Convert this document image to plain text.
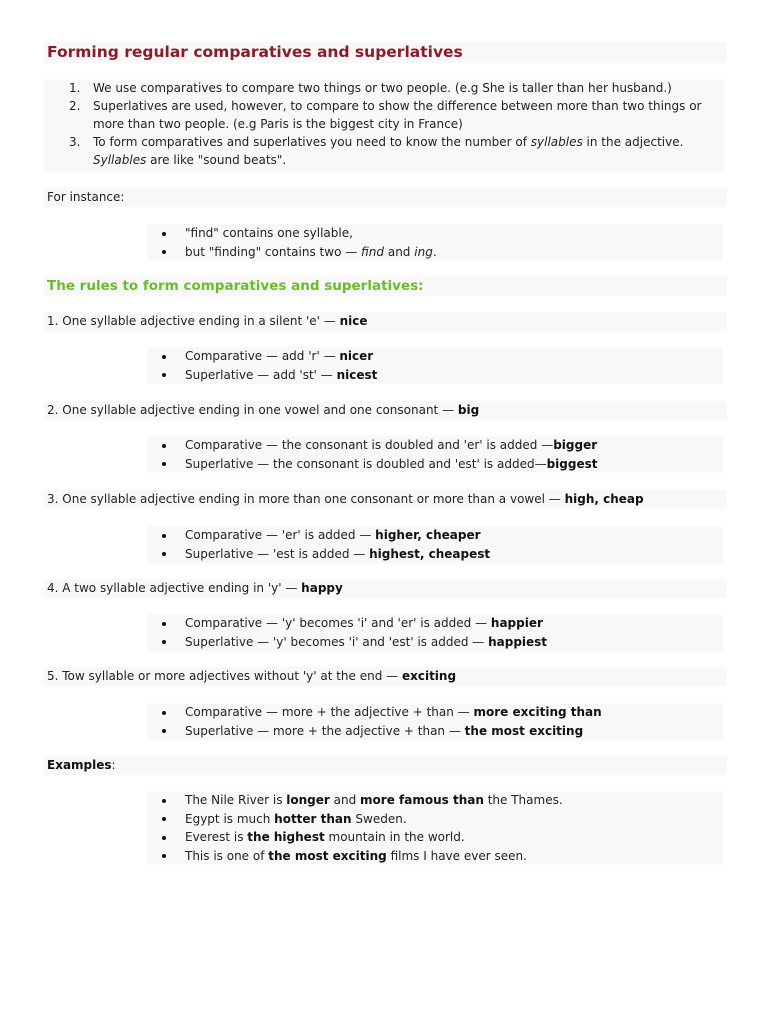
Forming regular comparatives and superlatives
1. We use comparatives to compare two things or two people. (e.g She is taller than her husband.)
2. Superlatives are used, however, to compare to show the difference between more than two things or more than two people. (e.g Paris is the biggest city in France)
3. To form comparatives and superlatives you need to know the number of syllables in the adjective. Syllables are like "sound beats".
For instance:
"find" contains one syllable,
but "finding" contains two — find and ing.
The rules to form comparatives and superlatives:
1. One syllable adjective ending in a silent 'e' — nice
Comparative — add 'r' — nicer
Superlative — add 'st' — nicest
2. One syllable adjective ending in one vowel and one consonant — big
Comparative — the consonant is doubled and 'er' is added —bigger
Superlative — the consonant is doubled and 'est' is added—biggest
3. One syllable adjective ending in more than one consonant or more than a vowel — high, cheap
Comparative — 'er' is added — higher, cheaper
Superlative — 'est is added — highest, cheapest
4. A two syllable adjective ending in 'y' — happy
Comparative — 'y' becomes 'i' and 'er' is added — happier
Superlative — 'y' becomes 'i' and 'est' is added — happiest
5. Tow syllable or more adjectives without 'y' at the end — exciting
Comparative — more + the adjective + than — more exciting than
Superlative — more + the adjective + than — the most exciting
Examples:
The Nile River is longer and more famous than the Thames.
Egypt is much hotter than Sweden.
Everest is the highest mountain in the world.
This is one of the most exciting films I have ever seen.
